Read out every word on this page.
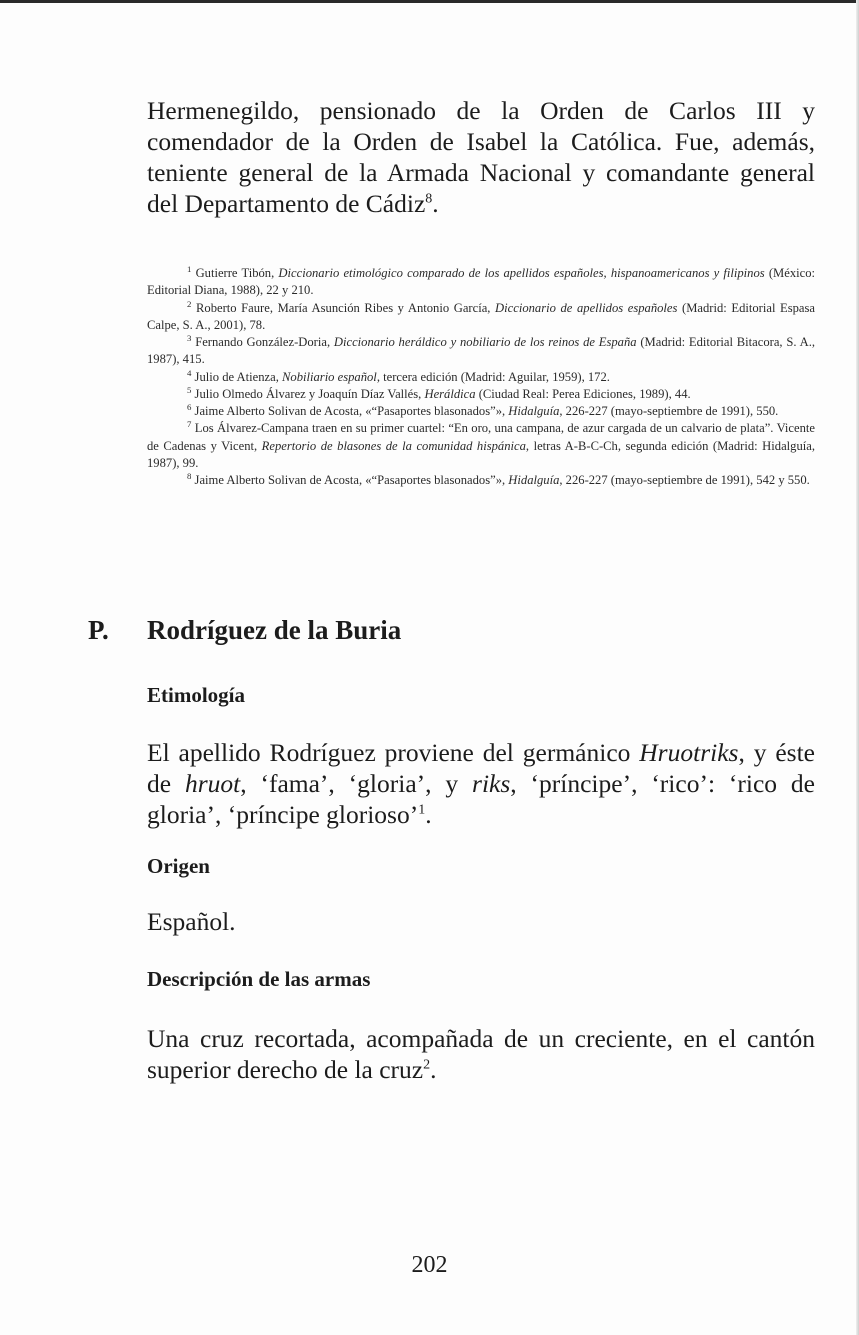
Hermenegildo, pensionado de la Orden de Carlos III y comendador de la Orden de Isabel la Católica. Fue, además, teniente general de la Armada Nacional y comandante general del Departamento de Cádiz$^8$.

$^1$ Gutierre Tibón, Diccionario etimológico comparado de los apellidos españoles, hispanoamericanos y filipinos (México: Editorial Diana, 1988), 22 y 210.

$^2$ Roberto Faure, María Asunción Ribes y Antonio García, Diccionario de apellidos españoles (Madrid: Editorial Espasa Calpe, S. A., 2001), 78.

$^3$ Fernando González-Doria, Diccionario heráldico y nobiliario de los reinos de España (Madrid: Editorial Bitacora, S. A., 1987), 415.

$^4$ Julio de Atienza, Nobiliario español, tercera edición (Madrid: Aguilar, 1959), 172.

$^5$ Julio Olmedo Álvarez y Joaquín Díaz Vallés, Heráldica (Ciudad Real: Perea Ediciones, 1989), 44.

$^6$ Jaime Alberto Solivan de Acosta, «“Pasaportes blasonados”», Hidalguía, 226-227 (mayo-septiembre de 1991), 550.

$^7$ Los Álvarez-Campana traen en su primer cuartel: “En oro, una campana, de azur cargada de un calvario de plata”. Vicente de Cadenas y Vicent, Repertorio de blasones de la comunidad hispánica, letras A-B-C-Ch, segunda edición (Madrid: Hidalguía, 1987), 99.

$^8$ Jaime Alberto Solivan de Acosta, «“Pasaportes blasonados”», Hidalguía, 226-227 (mayo-septiembre de 1991), 542 y 550.

P. Rodríguez de la Buria
Etimología

El apellido Rodríguez proviene del germánico Hruotriks, y éste de hruot, ‘fama’, ‘gloria’, y riks, ‘príncipe’, ‘rico’: ‘rico de gloria’, ‘príncipe glorioso’$^1$.

Origen

Español.

Descripción de las armas

Una cruz recortada, acompañada de un creciente, en el cantón superior derecho de la cruz$^2$.

202
